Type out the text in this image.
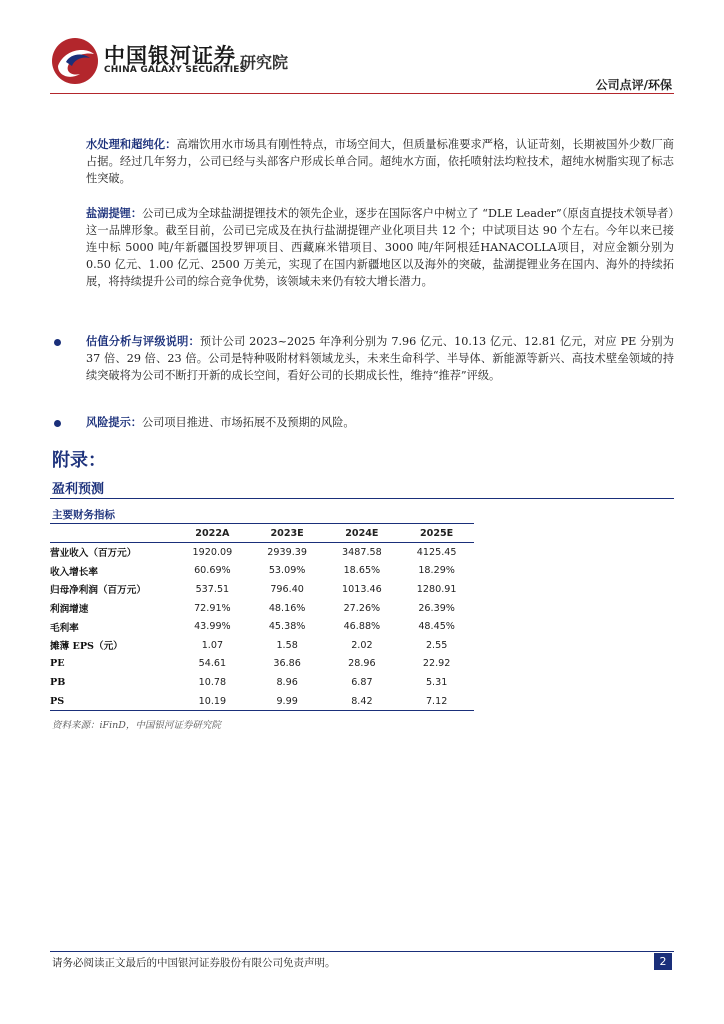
中国银河证券
CHINA GALAXY SECURITIES
研究院
公司点评/环保
水处理和超纯化：高端饮用水市场具有刚性特点，市场空间大，但质量标准要求严格，认证苛刻，长期被国外少数厂商占据。经过几年努力，公司已经与头部客户形成长单合同。超纯水方面，依托喷射法均粒技术，超纯水树脂实现了标志性突破。
盐湖提锂：公司已成为全球盐湖提锂技术的领先企业，逐步在国际客户中树立了 “DLE Leader”（原卤直提技术领导者）这一品牌形象。截至目前，公司已完成及在执行盐湖提锂产业化项目共 12 个；中试项目达 90 个左右。今年以来已接连中标 5000 吨/年新疆国投罗钾项目、西藏麻米错项目、3000 吨/年阿根廷HANACOLLA项目，对应金额分别为 0.50 亿元、1.00 亿元、2500 万美元，实现了在国内新疆地区以及海外的突破，盐湖提锂业务在国内、海外的持续拓展，将持续提升公司的综合竞争优势，该领域未来仍有较大增长潜力。
估值分析与评级说明：预计公司 2023~2025 年净利分别为 7.96 亿元、10.13 亿元、12.81 亿元，对应 PE 分别为 37 倍、29 倍、23 倍。公司是特种吸附材料领域龙头，未来生命科学、半导体、新能源等新兴、高技术壁垒领域的持续突破将为公司不断打开新的成长空间，看好公司的长期成长性，维持“推荐”评级。
风险提示：公司项目推进、市场拓展不及预期的风险。
附录：
盈利预测
主要财务指标
	2022A	2023E	2024E	2025E
营业收入（百万元）	1920.09	2939.39	3487.58	4125.45
收入增长率	60.69%	53.09%	18.65%	18.29%
归母净利润（百万元）	537.51	796.40	1013.46	1280.91
利润增速	72.91%	48.16%	27.26%	26.39%
毛利率	43.99%	45.38%	46.88%	48.45%
摊薄 EPS（元）	1.07	1.58	2.02	2.55
PE	54.61	36.86	28.96	22.92
PB	10.78	8.96	6.87	5.31
PS	10.19	9.99	8.42	7.12
资料来源：iFinD，中国银河证券研究院
请务必阅读正文最后的中国银河证券股份有限公司免责声明。	2
